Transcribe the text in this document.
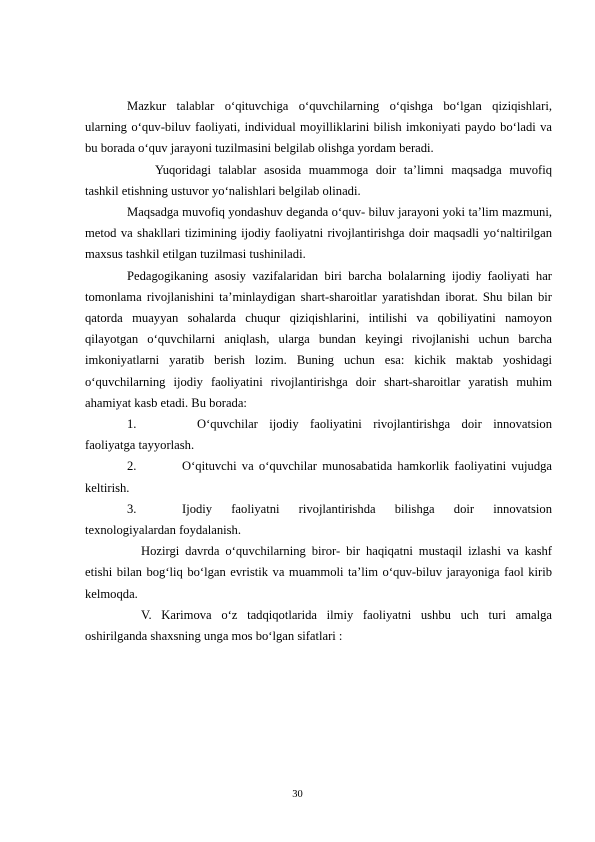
Mazkur talablar o‘qituvchiga o‘quvchilarning o‘qishga bo‘lgan qiziqishlari, ularning o‘quv-biluv faoliyati, individual moyilliklarini bilish imkoniyati paydo bo‘ladi va bu borada o‘quv jarayoni tuzilmasini belgilab olishga yordam beradi.

Yuqoridagi talablar asosida muammoga doir ta’limni maqsadga muvofiq tashkil etishning ustuvor yo‘nalishlari belgilab olinadi.

Maqsadga muvofiq yondashuv deganda o‘quv- biluv jarayoni yoki ta’lim mazmuni, metod va shakllari tizimining ijodiy faoliyatni rivojlantirishga doir maqsadli yo‘naltirilgan maxsus tashkil etilgan tuzilmasi tushiniladi.

Pedagogikaning asosiy vazifalaridan biri barcha bolalarning ijodiy faoliyati har tomonlama rivojlanishini ta’minlaydigan shart-sharoitlar yaratishdan iborat. Shu bilan bir qatorda muayyan sohalarda chuqur qiziqishlarini, intilishi va qobiliyatini namoyon qilayotgan o‘quvchilarni aniqlash, ularga bundan keyingi rivojlanishi uchun barcha imkoniyatlarni yaratib berish lozim. Buning uchun esa: kichik maktab yoshidagi o‘quvchilarning ijodiy faoliyatini rivojlantirishga doir shart-sharoitlar yaratish muhim ahamiyat kasb etadi. Bu borada:

1.	O‘quvchilar ijodiy faoliyatini rivojlantirishga doir innovatsion faoliyatga tayyorlash.

2.	O‘qituvchi va o‘quvchilar munosabatida hamkorlik faoliyatini vujudga keltirish.

3.	Ijodiy faoliyatni rivojlantirishda bilishga doir innovatsion texnologiyalardan foydalanish.

Hozirgi davrda o‘quvchilarning biror- bir haqiqatni mustaqil izlashi va kashf etishi bilan bog‘liq bo‘lgan evristik va muammoli ta’lim o‘quv-biluv jarayoniga faol kirib kelmoqda.

V. Karimova o‘z tadqiqotlarida ilmiy faoliyatni ushbu uch turi amalga oshirilganda shaxsning unga mos bo‘lgan sifatlari :

30
